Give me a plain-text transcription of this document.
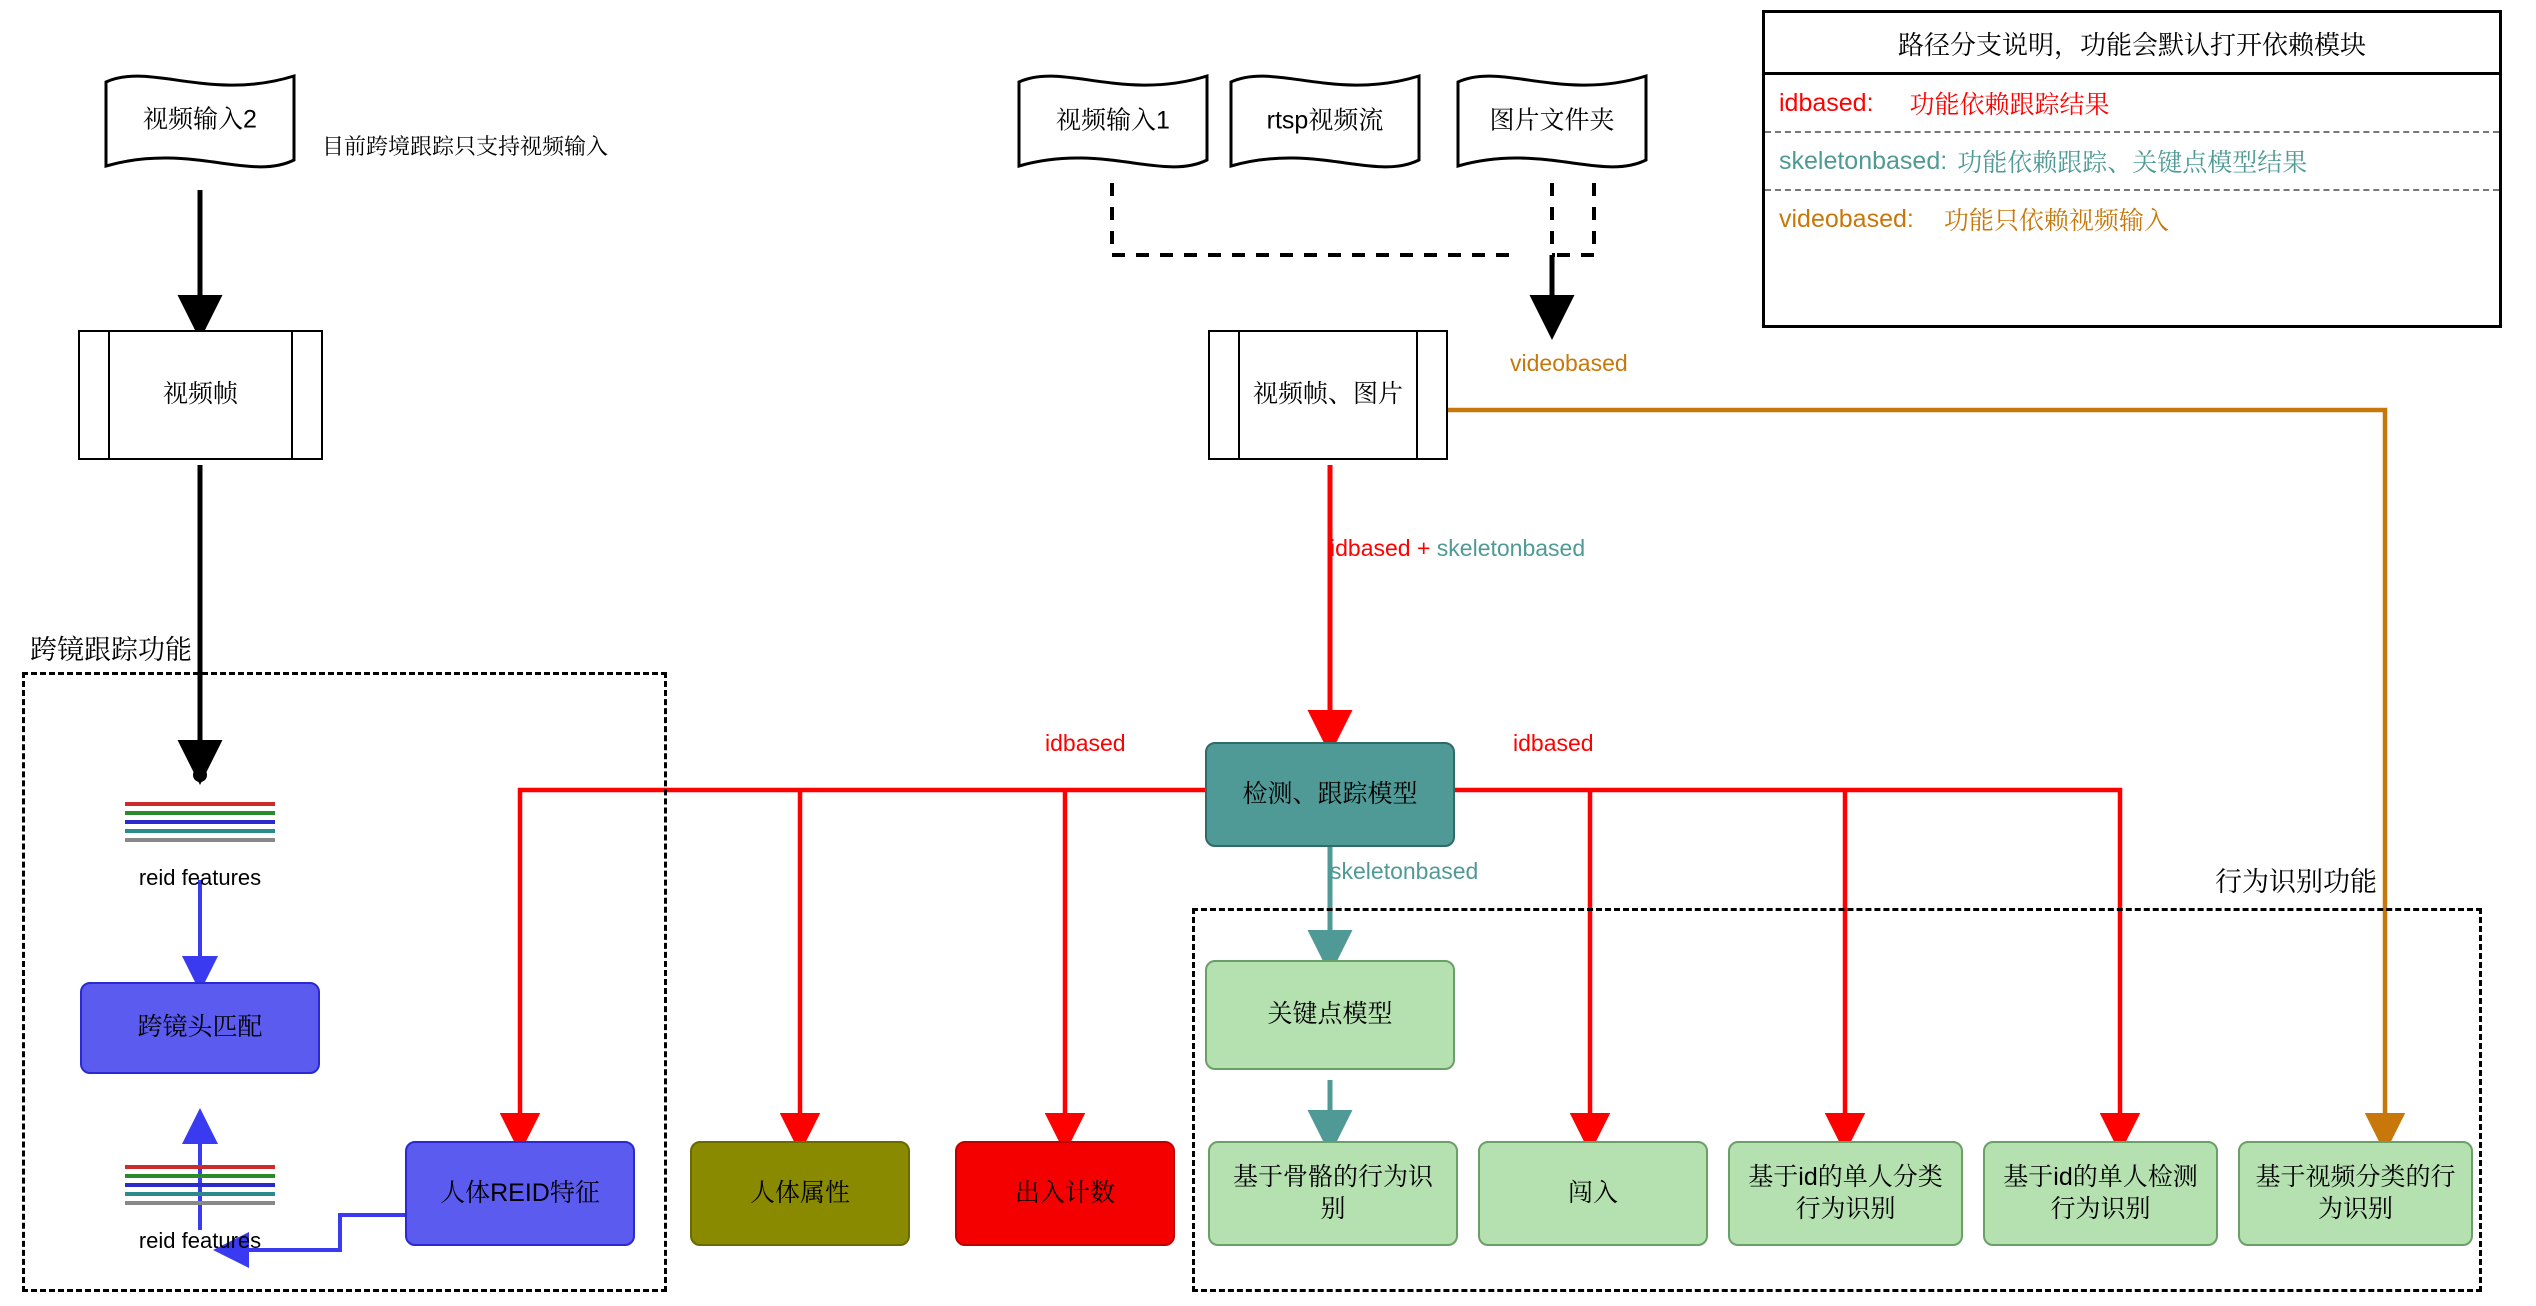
视频输入2
目前跨境跟踪只支持视频输入
视频帧
跨镜跟踪功能
reid features
跨镜头匹配
reid features
视频输入1	rtsp视频流	图片文件夹
视频帧、图片
videobased
idbased + skeletonbased
idbased	idbased
skeletonbased
检测、跟踪模型
关键点模型
行为识别功能
人体REID特征	人体属性	出入计数
基于骨骼的行为识别
闯入
基于id的单人分类行为识别
基于id的单人检测行为识别
基于视频分类的行为识别
路径分支说明，功能会默认打开依赖模块
idbased: 功能依赖跟踪结果
skeletonbased: 功能依赖跟踪、关键点模型结果
videobased: 功能只依赖视频输入
